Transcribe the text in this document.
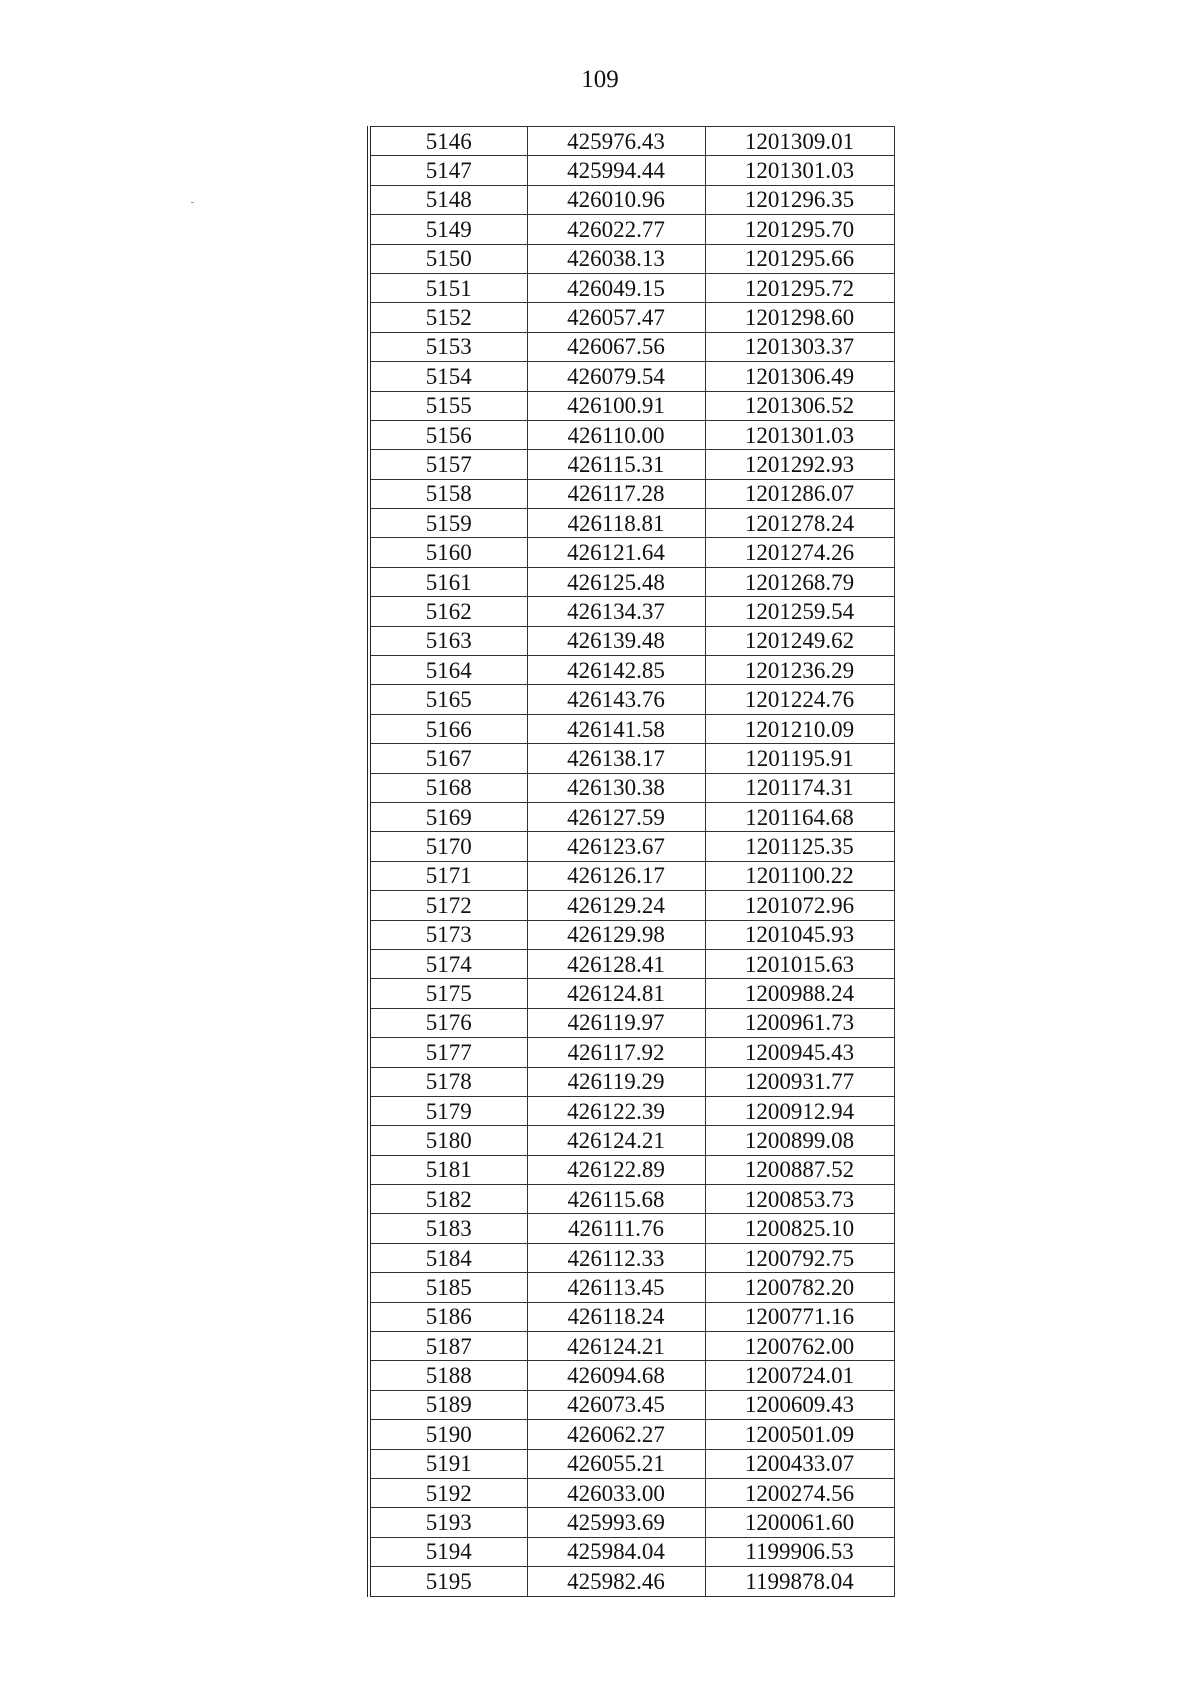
109
5146	425976.43	1201309.01
5147	425994.44	1201301.03
5148	426010.96	1201296.35
5149	426022.77	1201295.70
5150	426038.13	1201295.66
5151	426049.15	1201295.72
5152	426057.47	1201298.60
5153	426067.56	1201303.37
5154	426079.54	1201306.49
5155	426100.91	1201306.52
5156	426110.00	1201301.03
5157	426115.31	1201292.93
5158	426117.28	1201286.07
5159	426118.81	1201278.24
5160	426121.64	1201274.26
5161	426125.48	1201268.79
5162	426134.37	1201259.54
5163	426139.48	1201249.62
5164	426142.85	1201236.29
5165	426143.76	1201224.76
5166	426141.58	1201210.09
5167	426138.17	1201195.91
5168	426130.38	1201174.31
5169	426127.59	1201164.68
5170	426123.67	1201125.35
5171	426126.17	1201100.22
5172	426129.24	1201072.96
5173	426129.98	1201045.93
5174	426128.41	1201015.63
5175	426124.81	1200988.24
5176	426119.97	1200961.73
5177	426117.92	1200945.43
5178	426119.29	1200931.77
5179	426122.39	1200912.94
5180	426124.21	1200899.08
5181	426122.89	1200887.52
5182	426115.68	1200853.73
5183	426111.76	1200825.10
5184	426112.33	1200792.75
5185	426113.45	1200782.20
5186	426118.24	1200771.16
5187	426124.21	1200762.00
5188	426094.68	1200724.01
5189	426073.45	1200609.43
5190	426062.27	1200501.09
5191	426055.21	1200433.07
5192	426033.00	1200274.56
5193	425993.69	1200061.60
5194	425984.04	1199906.53
5195	425982.46	1199878.04
